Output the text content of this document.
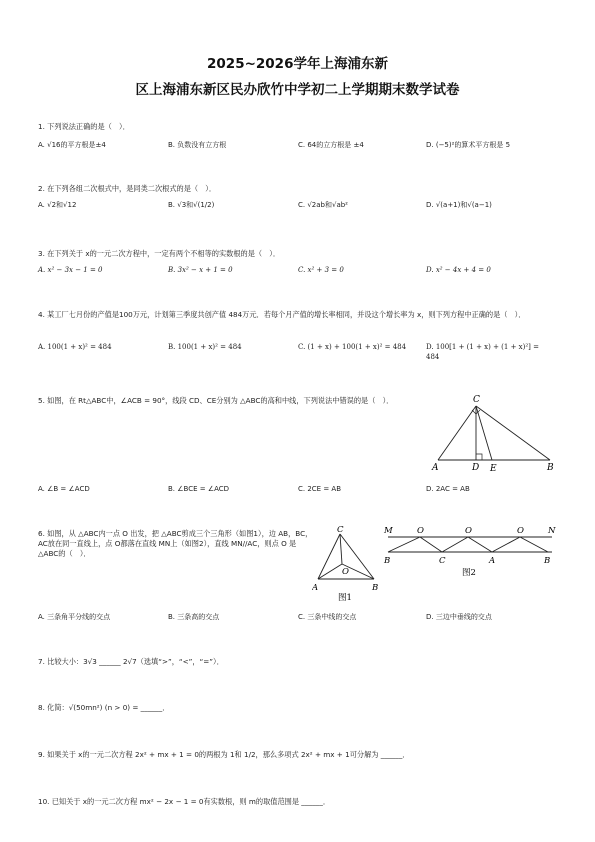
2025~2026学年上海浦东新
区上海浦东新区民办欣竹中学初二上学期期末数学试卷
1. 下列说法正确的是（　）．
A. √16的平方根是±4	B. 负数没有立方根	C. 64的立方根是 ±4	D. (−5)²的算术平方根是 5
2. 在下列各组二次根式中，是同类二次根式的是（　）．
A. √2和√12	B. √3和√(1/2)	C. √2ab和√ab²	D. √(a+1)和√(a−1)
3. 在下列关于 x的一元二次方程中，一定有两个不相等的实数根的是（　）．
A. x² − 3x − 1 = 0	B. 3x² − x + 1 = 0	C. x² + 3 = 0	D. x² − 4x + 4 = 0
4. 某工厂七月份的产值是100万元，计划第三季度共创产值 484万元．若每个月产值的增长率相同，并设这个增长率为 x，则下列方程中正确的是（　）．
A. 100(1 + x)² = 484	B. 100(1 + x)² = 484	C. (1 + x) + 100(1 + x)² = 484	D. 100[1 + (1 + x) + (1 + x)²] = 484
5. 如图，在 Rt△ABC中，∠ACB = 90°，线段 CD、CE分别为 △ABC的高和中线，下列说法中错误的是（　）．	C
A	D E	B
A. ∠B = ∠ACD	B. ∠BCE = ∠ACD	C. 2CE = AB	D. 2AC = AB
6. 如图，从 △ABC内一点 O 出发，把 △ABC剪成三个三角形（如图1），边 AB，BC，AC放在同一直线上，点 O都落在直线 MN上（如图2），直线 MN//AC，则点 O 是 △ABC的（　）．
C
O
A	B
图1
M	O	O	O	N
B	C	A	B
图2
A. 三条角平分线的交点	B. 三条高的交点	C. 三条中线的交点	D. 三边中垂线的交点
7. 比较大小：3√3 ______ 2√7（选填“>”，“<”，“=”）．
8. 化简：√(50mn²) (n > 0) = ______．
9. 如果关于 x的一元二次方程 2x² + mx + 1 = 0的两根为 1和 1/2，那么多项式 2x² + mx + 1可分解为 ______．
10. 已知关于 x的一元二次方程 mx² − 2x − 1 = 0有实数根，则 m的取值范围是 ______．
